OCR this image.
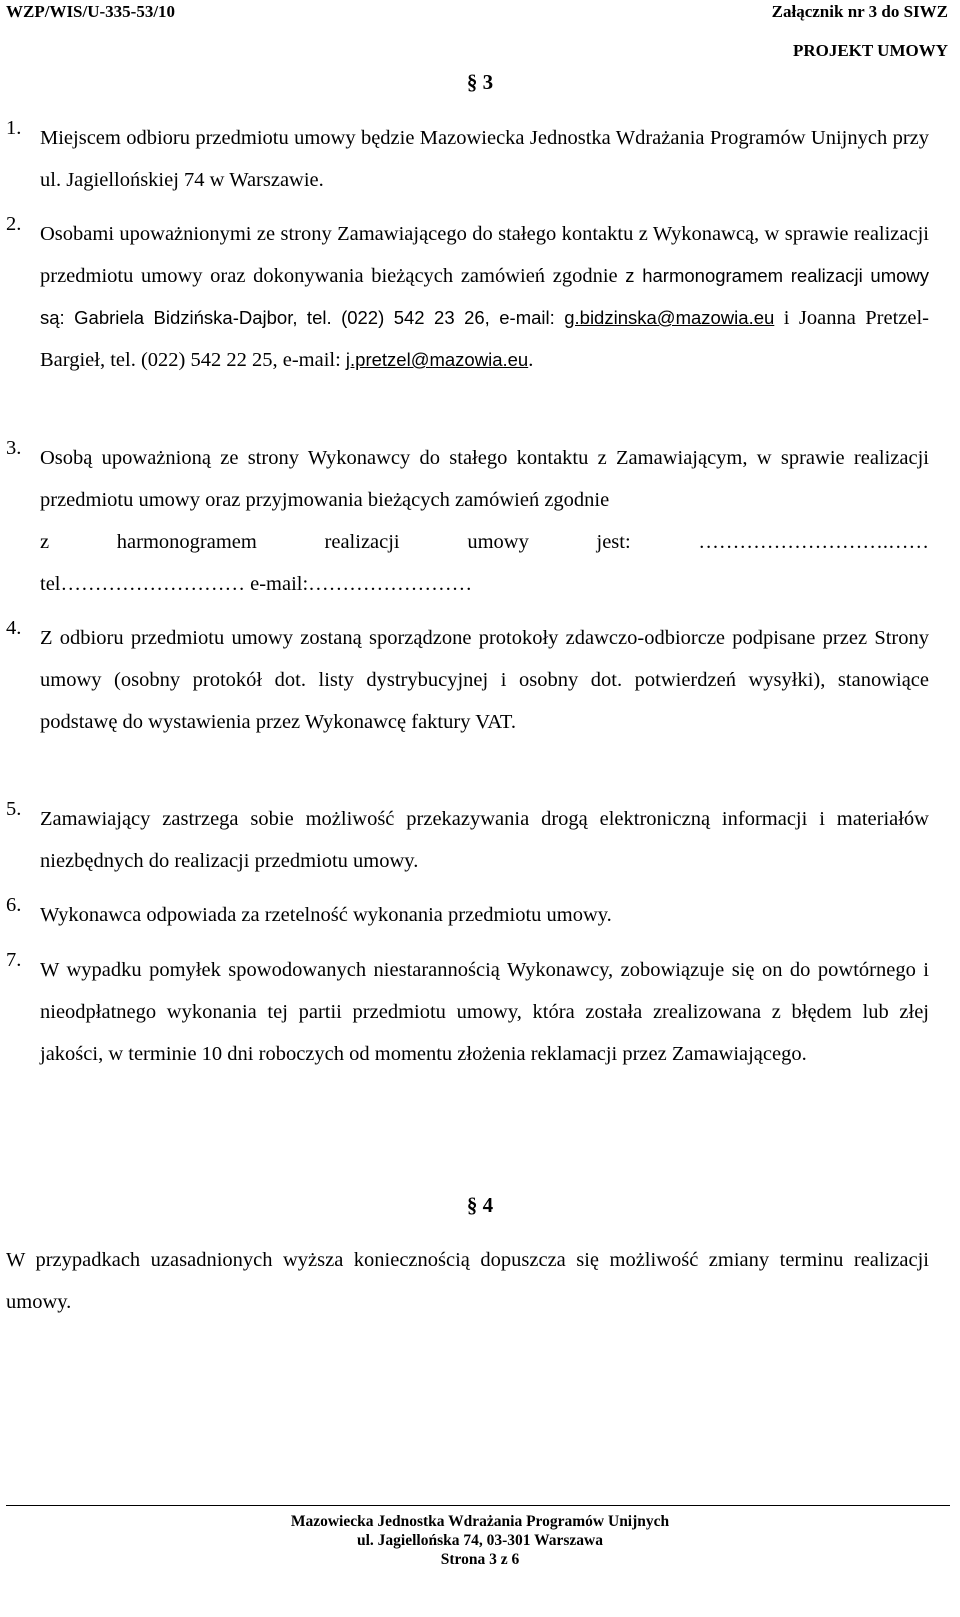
WZP/WIS/U-335-53/10	Załącznik nr 3 do SIWZ
PROJEKT UMOWY
§ 3
1. Miejscem odbioru przedmiotu umowy będzie Mazowiecka Jednostka Wdrażania Programów Unijnych przy ul. Jagiellońskiej 74 w Warszawie.
2. Osobami upoważnionymi ze strony Zamawiającego do stałego kontaktu z Wykonawcą, w sprawie realizacji przedmiotu umowy oraz dokonywania bieżących zamówień zgodnie z harmonogramem realizacji umowy są: Gabriela Bidzińska-Dajbor, tel. (022) 542 23 26, e-mail: g.bidzinska@mazowia.eu i Joanna Pretzel-Bargieł, tel. (022) 542 22 25, e-mail: j.pretzel@mazowia.eu.
3. Osobą upoważnioną ze strony Wykonawcy do stałego kontaktu z Zamawiającym, w sprawie realizacji przedmiotu umowy oraz przyjmowania bieżących zamówień zgodnie
z harmonogramem realizacji umowy jest: ……………………….……
tel……………………… e-mail:……………………
4. Z odbioru przedmiotu umowy zostaną sporządzone protokoły zdawczo-odbiorcze podpisane przez Strony umowy (osobny protokół dot. listy dystrybucyjnej i osobny dot. potwierdzeń wysyłki), stanowiące podstawę do wystawienia przez Wykonawcę faktury VAT.
5. Zamawiający zastrzega sobie możliwość przekazywania drogą elektroniczną informacji i materiałów niezbędnych do realizacji przedmiotu umowy.
6. Wykonawca odpowiada za rzetelność wykonania przedmiotu umowy.
7. W wypadku pomyłek spowodowanych niestarannością Wykonawcy, zobowiązuje się on do powtórnego i nieodpłatnego wykonania tej partii przedmiotu umowy, która została zrealizowana z błędem lub złej jakości, w terminie 10 dni roboczych od momentu złożenia reklamacji przez Zamawiającego.
§ 4
W przypadkach uzasadnionych wyższa koniecznością dopuszcza się możliwość zmiany terminu realizacji umowy.
Mazowiecka Jednostka Wdrażania Programów Unijnych
ul. Jagiellońska 74, 03-301 Warszawa
Strona 3 z 6
